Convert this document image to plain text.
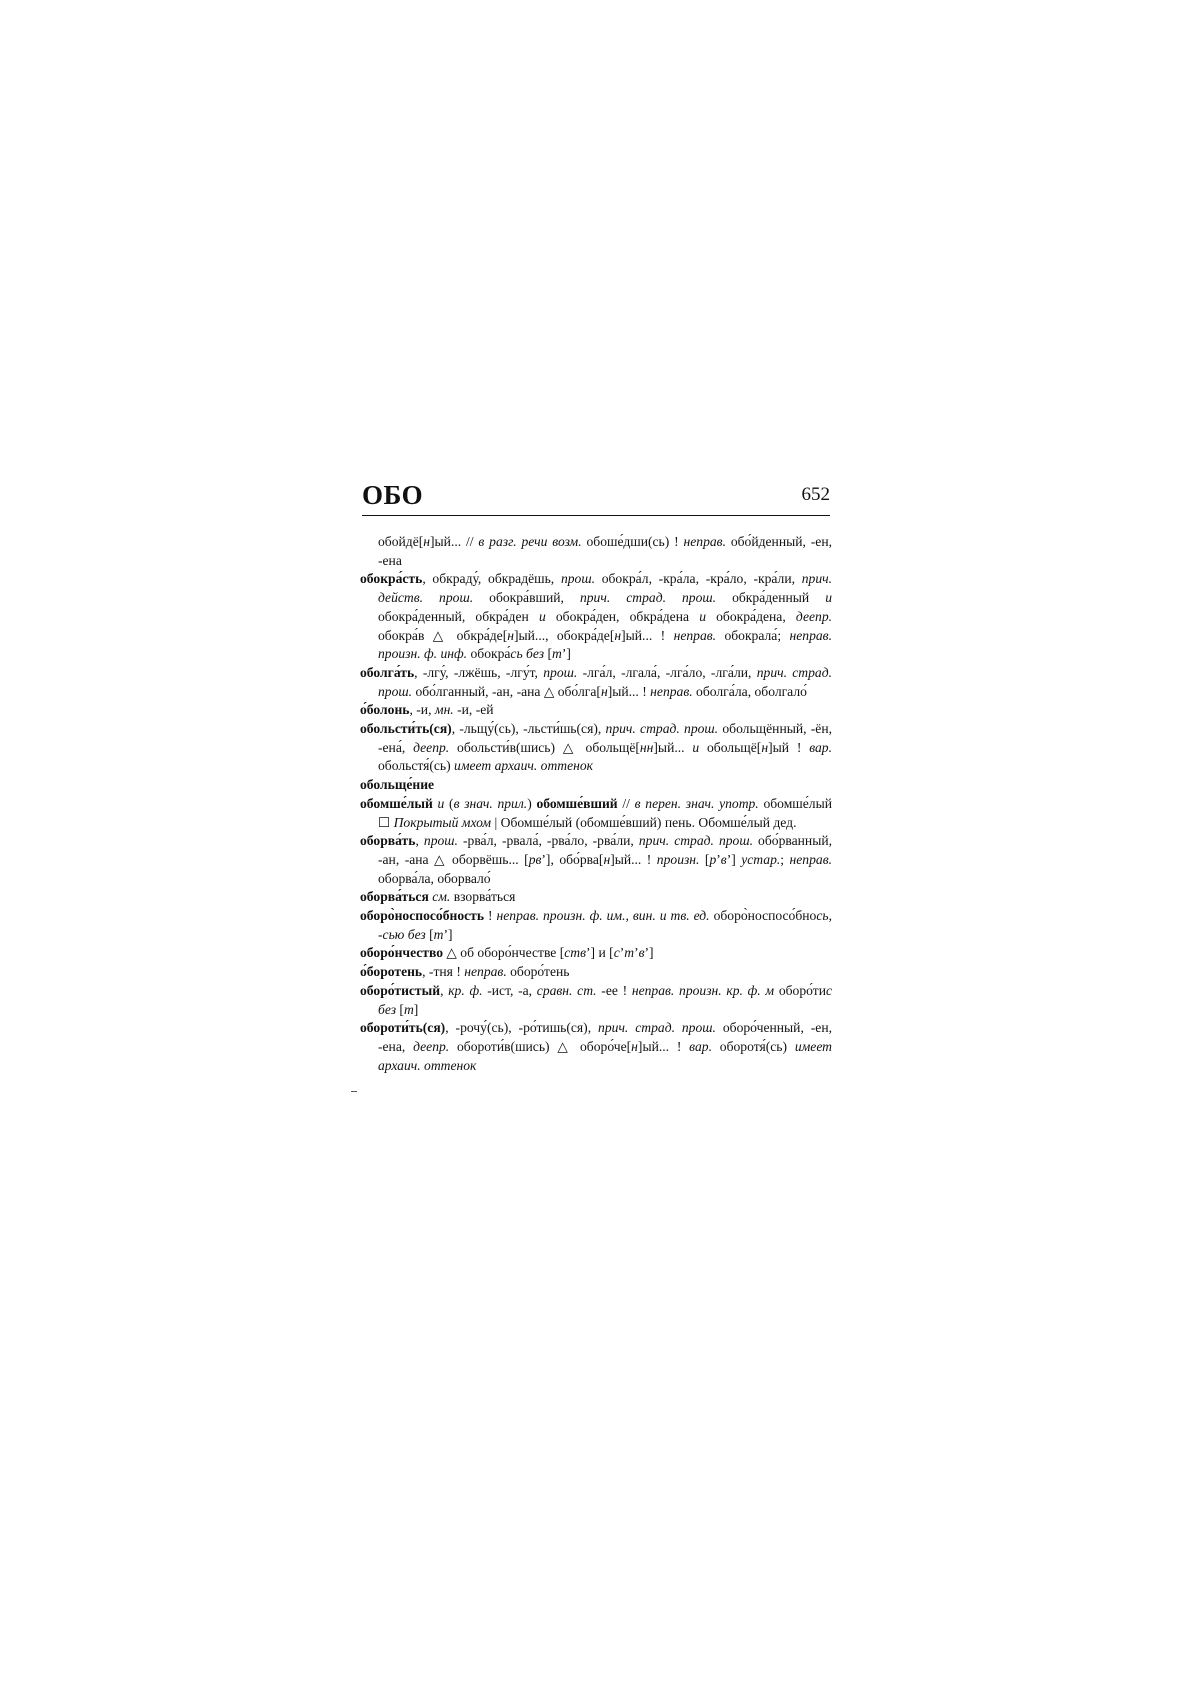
ОБО	652

обойдё[н]ый... // в разг. речи возм. обоше́дши(сь) ! неправ. обо́йденный, -ен, -ена

обокра́сть, обкраду́, обкрадёшь, прош. обокра́л, -кра́ла, -кра́ло, -кра́ли, прич. действ. прош. обокра́вший, прич. страд. прош. обкра́денный и обокра́денный, обкра́ден и обокра́ден, обкра́дена и обокра́дена, деепр. обокра́в △ обкра́де[н]ый..., обокра́де[н]ый... ! неправ. обокрала́; неправ. произн. ф. инф. обокра́сь без [тʼ]

оболга́ть, -лгу́, -лжёшь, -лгу́т, прош. -лга́л, -лгала́, -лга́ло, -лга́ли, прич. страд. прош. обо́лганный, -ан, -ана △ обо́лга[н]ый... ! неправ. оболга́ла, оболгало́

о́болонь, -и, мн. -и, -ей

обольсти́ть(ся), -льщу́(сь), -льсти́шь(ся), прич. страд. прош. обольщённый, -ён, -ена́, деепр. обольсти́в(шись) △ обольщё[нн]ый... и обольщё[н]ый ! вар. обольстя́(сь) имеет архаич. оттенок

обольще́ние

обомше́лый и (в знач. прил.) обомше́вший // в перен. знач. употр. обомше́лый ☐ Покрытый мхом | Обомше́лый (обомше́вший) пень. Обомше́лый дед.

оборва́ть, прош. -рва́л, -рвала́, -рва́ло, -рва́ли, прич. страд. прош. обо́рванный, -ан, -ана △ оборвёшь... [рвʼ], обо́рва[н]ый... ! произн. [рʼвʼ] устар.; неправ. оборва́ла, оборвало́

оборва́ться см. взорва́ться

оборо̀носпосо́бность ! неправ. произн. ф. им., вин. и тв. ед. оборо̀носпосо́бнось, -сью без [тʼ]

оборо́нчество △ об оборо́нчестве [ствʼ] и [сʼтʼвʼ]

о́боротень, -тня ! неправ. оборо́тень

оборо́тистый, кр. ф. -ист, -а, сравн. ст. -ее ! неправ. произн. кр. ф. м оборо́тис без [т]

обороти́ть(ся), -рочу́(сь), -ро́тишь(ся), прич. страд. прош. оборо́ченный, -ен, -ена, деепр. обороти́в(шись) △ оборо́че[н]ый... ! вар. оборотя́(сь) имеет архаич. оттенок
